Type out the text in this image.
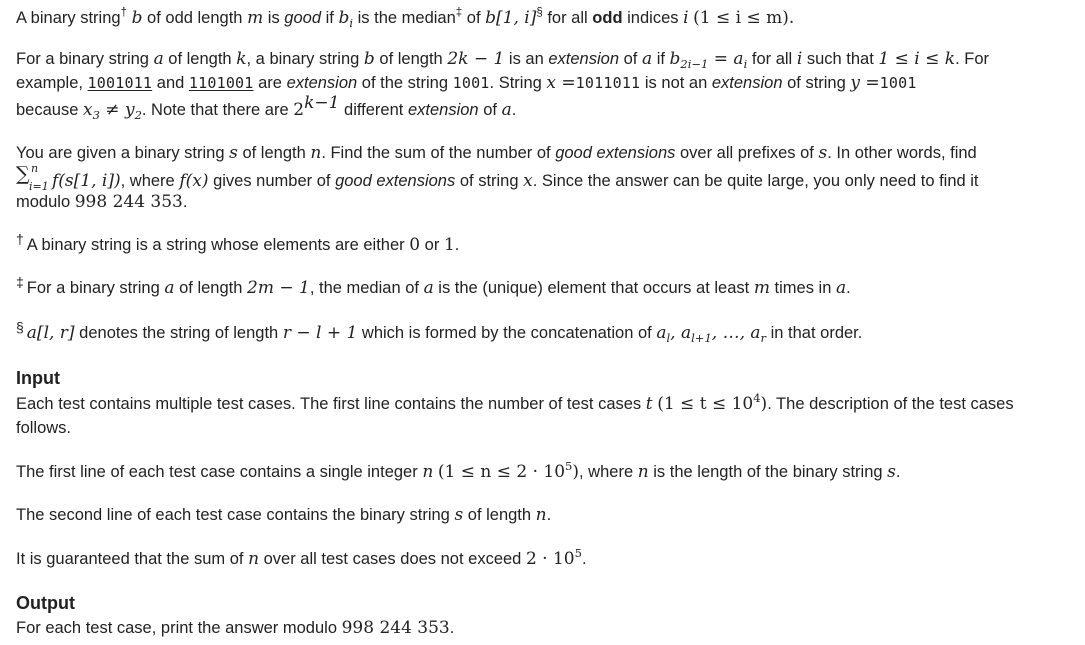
A binary string† b of odd length m is good if $b_i$ is the median‡ of b[1, i]§ for all odd indices i (1 ≤ i ≤ m).
For a binary string a of length k, a binary string b of length 2k − 1 is an extension of a if $b_{2i-1} = a_i$ for all i such that 1 ≤ i ≤ k. For
example, 1001011 and 1101001 are extension of the string 1001. String x =1011011 is not an extension of string y =1001
because $x_3 \ne y_2$. Note that there are $2^{k-1}$ different extension of a.
You are given a binary string s of length n. Find the sum of the number of good extensions over all prefixes of s. In other words, find
∑ n
i=1 f(s[1, i]), where f(x) gives number of good extensions of string x. Since the answer can be quite large, you only need to find it
modulo 998 244 353.
† A binary string is a string whose elements are either 0 or 1.
‡ For a binary string a of length 2m − 1, the median of a is the (unique) element that occurs at least m times in a.
§ a[l, r] denotes the string of length r − l + 1 which is formed by the concatenation of $a_l$, $a_{l+1}$, …, $a_r$ in that order.
Input
Each test contains multiple test cases. The first line contains the number of test cases t $(1 \le t \le 10^4)$. The description of the test cases
follows.
The first line of each test case contains a single integer n $(1 \le n \le 2 \cdot 10^5)$, where n is the length of the binary string s.
The second line of each test case contains the binary string s of length n.
It is guaranteed that the sum of n over all test cases does not exceed $2 \cdot 10^5$.
Output
For each test case, print the answer modulo 998 244 353.
